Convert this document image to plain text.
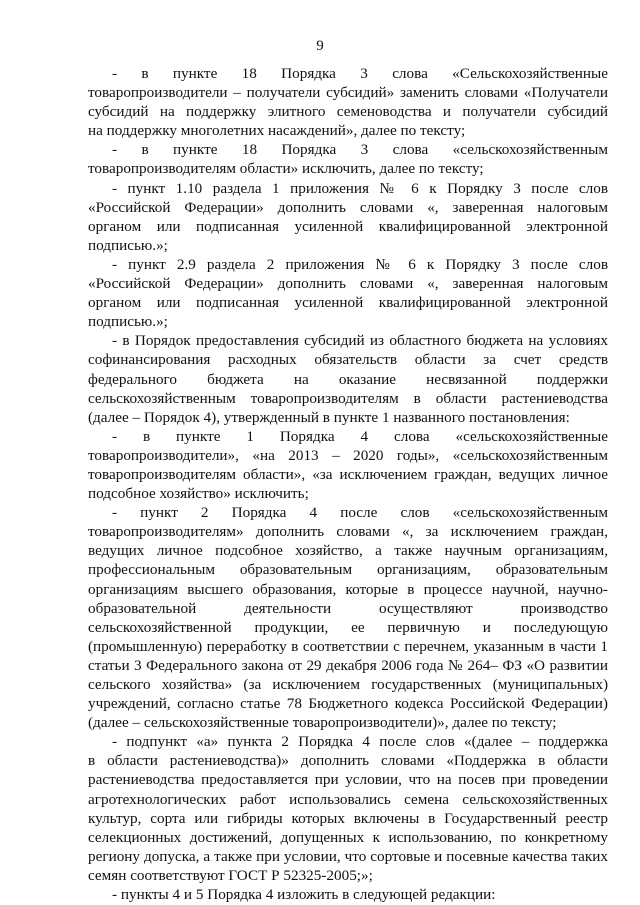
9
- в пункте 18 Порядка 3 слова «Сельскохозяйственные
товаропроизводители – получатели субсидий» заменить словами «Получатели
субсидий на поддержку элитного семеноводства и получатели субсидий
на поддержку многолетних насаждений», далее по тексту;
- в пункте 18 Порядка 3 слова «сельскохозяйственным
товаропроизводителям области» исключить, далее по тексту;
- пункт 1.10 раздела 1 приложения № 6 к Порядку 3 после слов
«Российской Федерации» дополнить словами «, заверенная налоговым
органом или подписанная усиленной квалифицированной электронной
подписью.»;
- пункт 2.9 раздела 2 приложения № 6 к Порядку 3 после слов
«Российской Федерации» дополнить словами «, заверенная налоговым
органом или подписанная усиленной квалифицированной электронной
подписью.»;
- в Порядок предоставления субсидий из областного бюджета на условиях
софинансирования расходных обязательств области за счет средств
федерального бюджета на оказание несвязанной поддержки
сельскохозяйственным товаропроизводителям в области растениеводства
(далее – Порядок 4), утвержденный в пункте 1 названного постановления:
- в пункте 1 Порядка 4 слова «сельскохозяйственные
товаропроизводители», «на 2013 – 2020 годы», «сельскохозяйственным
товаропроизводителям области», «за исключением граждан, ведущих личное
подсобное хозяйство» исключить;
- пункт 2 Порядка 4 после слов «сельскохозяйственным
товаропроизводителям» дополнить словами «, за исключением граждан,
ведущих личное подсобное хозяйство, а также научным организациям,
профессиональным образовательным организациям, образовательным
организациям высшего образования, которые в процессе научной, научно-
образовательной деятельности осуществляют производство
сельскохозяйственной продукции, ее первичную и последующую
(промышленную) переработку в соответствии с перечнем, указанным в части 1
статьи 3 Федерального закона от 29 декабря 2006 года № 264– ФЗ «О развитии
сельского хозяйства» (за исключением государственных (муниципальных)
учреждений, согласно статье 78 Бюджетного кодекса Российской Федерации)
(далее – сельскохозяйственные товаропроизводители)», далее по тексту;
- подпункт «а» пункта 2 Порядка 4 после слов «(далее – поддержка
в области растениеводства)» дополнить словами «Поддержка в области
растениеводства предоставляется при условии, что на посев при проведении
агротехнологических работ использовались семена сельскохозяйственных
культур, сорта или гибриды которых включены в Государственный реестр
селекционных достижений, допущенных к использованию, по конкретному
региону допуска, а также при условии, что сортовые и посевные качества таких
семян соответствуют ГОСТ Р 52325-2005;»;
- пункты 4 и 5 Порядка 4 изложить в следующей редакции:
